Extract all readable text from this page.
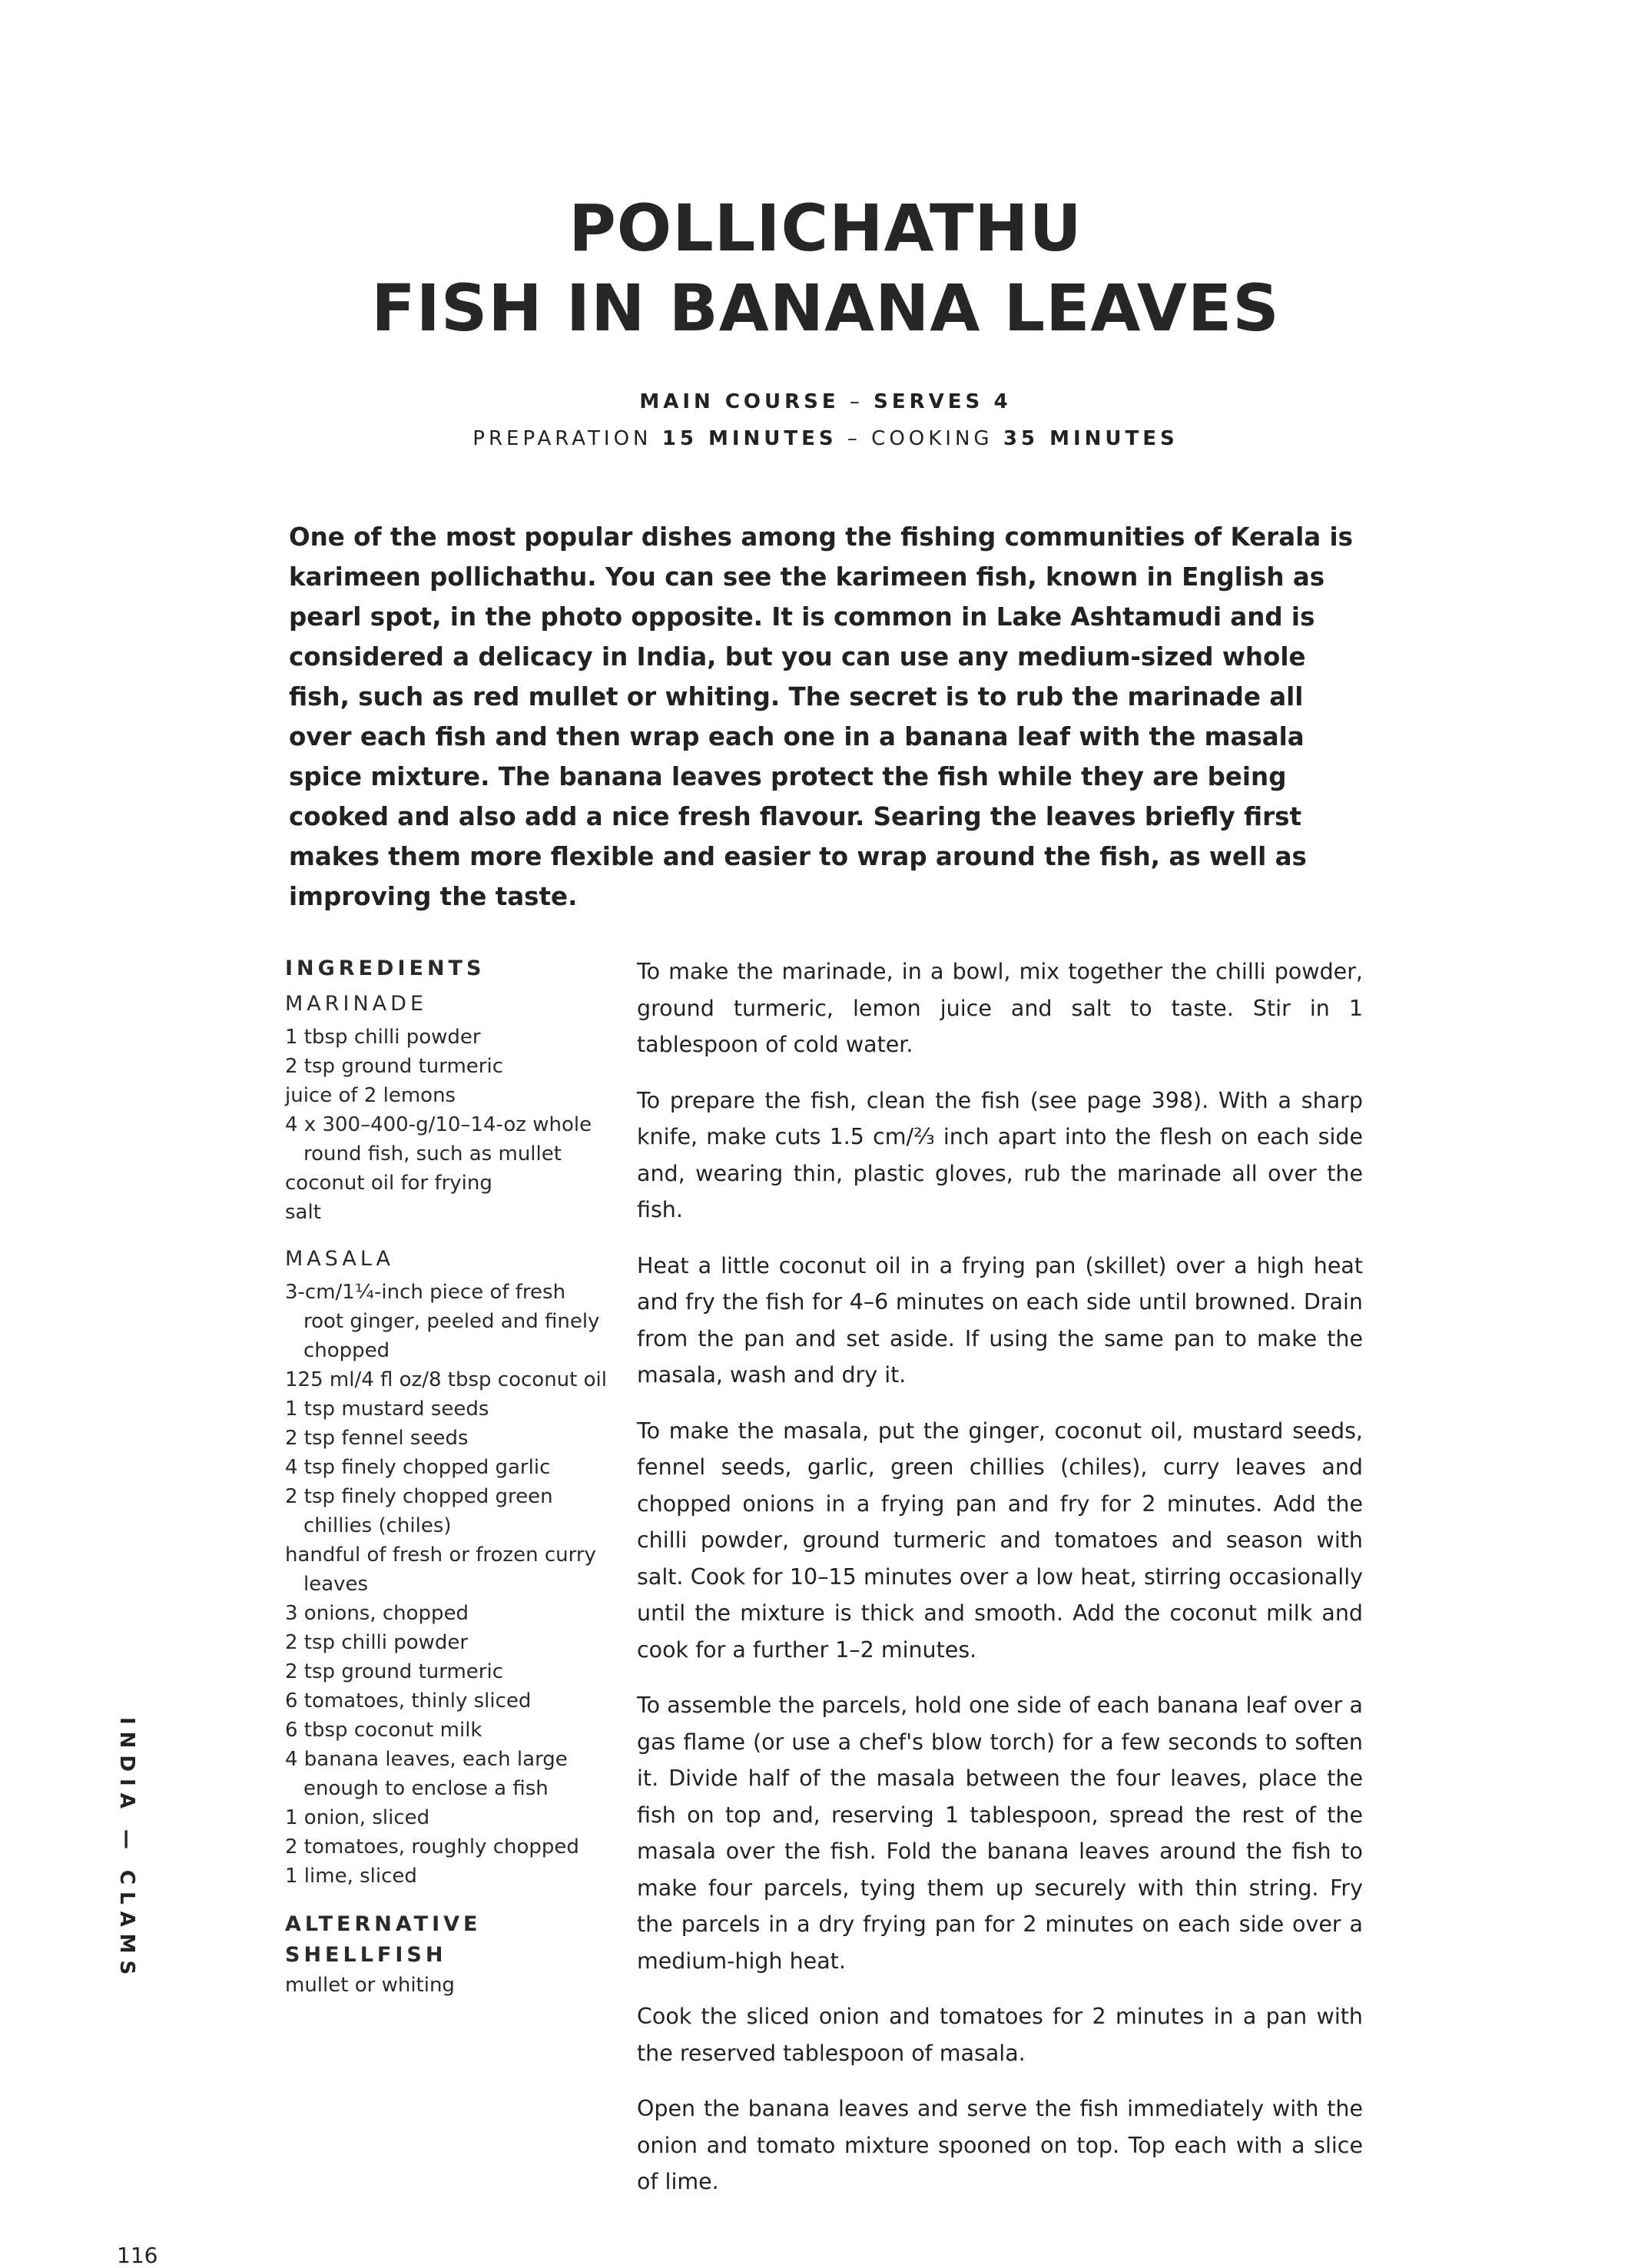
POLLICHATHU
FISH IN BANANA LEAVES
MAIN COURSE – SERVES 4
PREPARATION 15 MINUTES – COOKING 35 MINUTES
One of the most popular dishes among the fishing communities of Kerala is karimeen pollichathu. You can see the karimeen fish, known in English as pearl spot, in the photo opposite. It is common in Lake Ashtamudi and is considered a delicacy in India, but you can use any medium-sized whole fish, such as red mullet or whiting. The secret is to rub the marinade all over each fish and then wrap each one in a banana leaf with the masala spice mixture. The banana leaves protect the fish while they are being cooked and also add a nice fresh flavour. Searing the leaves briefly first makes them more flexible and easier to wrap around the fish, as well as improving the taste.
INGREDIENTS
MARINADE
1 tbsp chilli powder
2 tsp ground turmeric
juice of 2 lemons
4 x 300–400-g/10–14-oz whole round fish, such as mullet
coconut oil for frying
salt
MASALA
3-cm/1¼-inch piece of fresh root ginger, peeled and finely chopped
125 ml/4 fl oz/8 tbsp coconut oil
1 tsp mustard seeds
2 tsp fennel seeds
4 tsp finely chopped garlic
2 tsp finely chopped green chillies (chiles)
handful of fresh or frozen curry leaves
3 onions, chopped
2 tsp chilli powder
2 tsp ground turmeric
6 tomatoes, thinly sliced
6 tbsp coconut milk
4 banana leaves, each large enough to enclose a fish
1 onion, sliced
2 tomatoes, roughly chopped
1 lime, sliced
ALTERNATIVE SHELLFISH
mullet or whiting

To make the marinade, in a bowl, mix together the chilli powder, ground turmeric, lemon juice and salt to taste. Stir in 1 tablespoon of cold water.

To prepare the fish, clean the fish (see page 398). With a sharp knife, make cuts 1.5 cm/⅔ inch apart into the flesh on each side and, wearing thin, plastic gloves, rub the marinade all over the fish.

Heat a little coconut oil in a frying pan (skillet) over a high heat and fry the fish for 4–6 minutes on each side until browned. Drain from the pan and set aside. If using the same pan to make the masala, wash and dry it.

To make the masala, put the ginger, coconut oil, mustard seeds, fennel seeds, garlic, green chillies (chiles), curry leaves and chopped onions in a frying pan and fry for 2 minutes. Add the chilli powder, ground turmeric and tomatoes and season with salt. Cook for 10–15 minutes over a low heat, stirring occasionally until the mixture is thick and smooth. Add the coconut milk and cook for a further 1–2 minutes.

To assemble the parcels, hold one side of each banana leaf over a gas flame (or use a chef's blow torch) for a few seconds to soften it. Divide half of the masala between the four leaves, place the fish on top and, reserving 1 tablespoon, spread the rest of the masala over the fish. Fold the banana leaves around the fish to make four parcels, tying them up securely with thin string. Fry the parcels in a dry frying pan for 2 minutes on each side over a medium-high heat.

Cook the sliced onion and tomatoes for 2 minutes in a pan with the reserved tablespoon of masala.

Open the banana leaves and serve the fish immediately with the onion and tomato mixture spooned on top. Top each with a slice of lime.

INDIA — CLAMS
116
